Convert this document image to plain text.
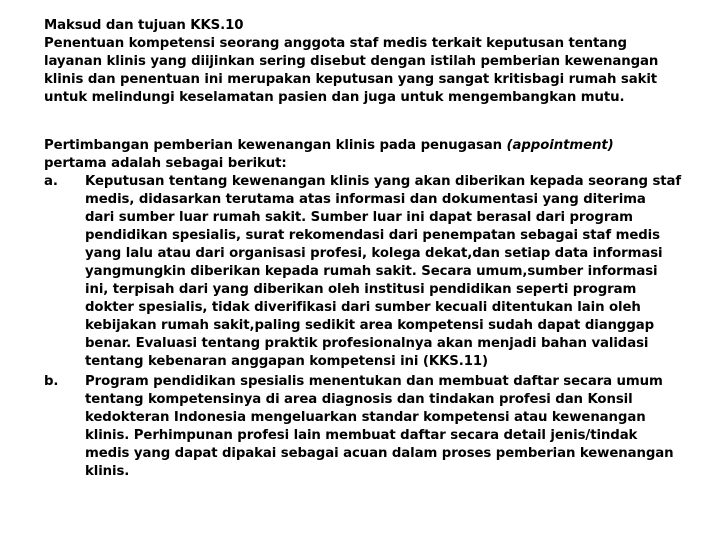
Maksud dan tujuan KKS.10
Penentuan kompetensi seorang anggota staf medis terkait keputusan tentang
layanan klinis yang diijinkan sering disebut dengan istilah pemberian kewenangan
klinis dan penentuan ini merupakan keputusan yang sangat kritisbagi rumah sakit
untuk melindungi keselamatan pasien dan juga untuk mengembangkan mutu.
Pertimbangan pemberian kewenangan klinis pada penugasan (appointment)
pertama adalah sebagai berikut:
a. Keputusan tentang kewenangan klinis yang akan diberikan kepada seorang staf
medis, didasarkan terutama atas informasi dan dokumentasi yang diterima
dari sumber luar rumah sakit. Sumber luar ini dapat berasal dari program
pendidikan spesialis, surat rekomendasi dari penempatan sebagai staf medis
yang lalu atau dari organisasi profesi, kolega dekat,dan setiap data informasi
yangmungkin diberikan kepada rumah sakit. Secara umum,sumber informasi
ini, terpisah dari yang diberikan oleh institusi pendidikan seperti program
dokter spesialis, tidak diverifikasi dari sumber kecuali ditentukan lain oleh
kebijakan rumah sakit,paling sedikit area kompetensi sudah dapat dianggap
benar. Evaluasi tentang praktik profesionalnya akan menjadi bahan validasi
tentang kebenaran anggapan kompetensi ini (KKS.11)
b. Program pendidikan spesialis menentukan dan membuat daftar secara umum
tentang kompetensinya di area diagnosis dan tindakan profesi dan Konsil
kedokteran Indonesia mengeluarkan standar kompetensi atau kewenangan
klinis. Perhimpunan profesi lain membuat daftar secara detail jenis/tindak
medis yang dapat dipakai sebagai acuan dalam proses pemberian kewenangan
klinis.
